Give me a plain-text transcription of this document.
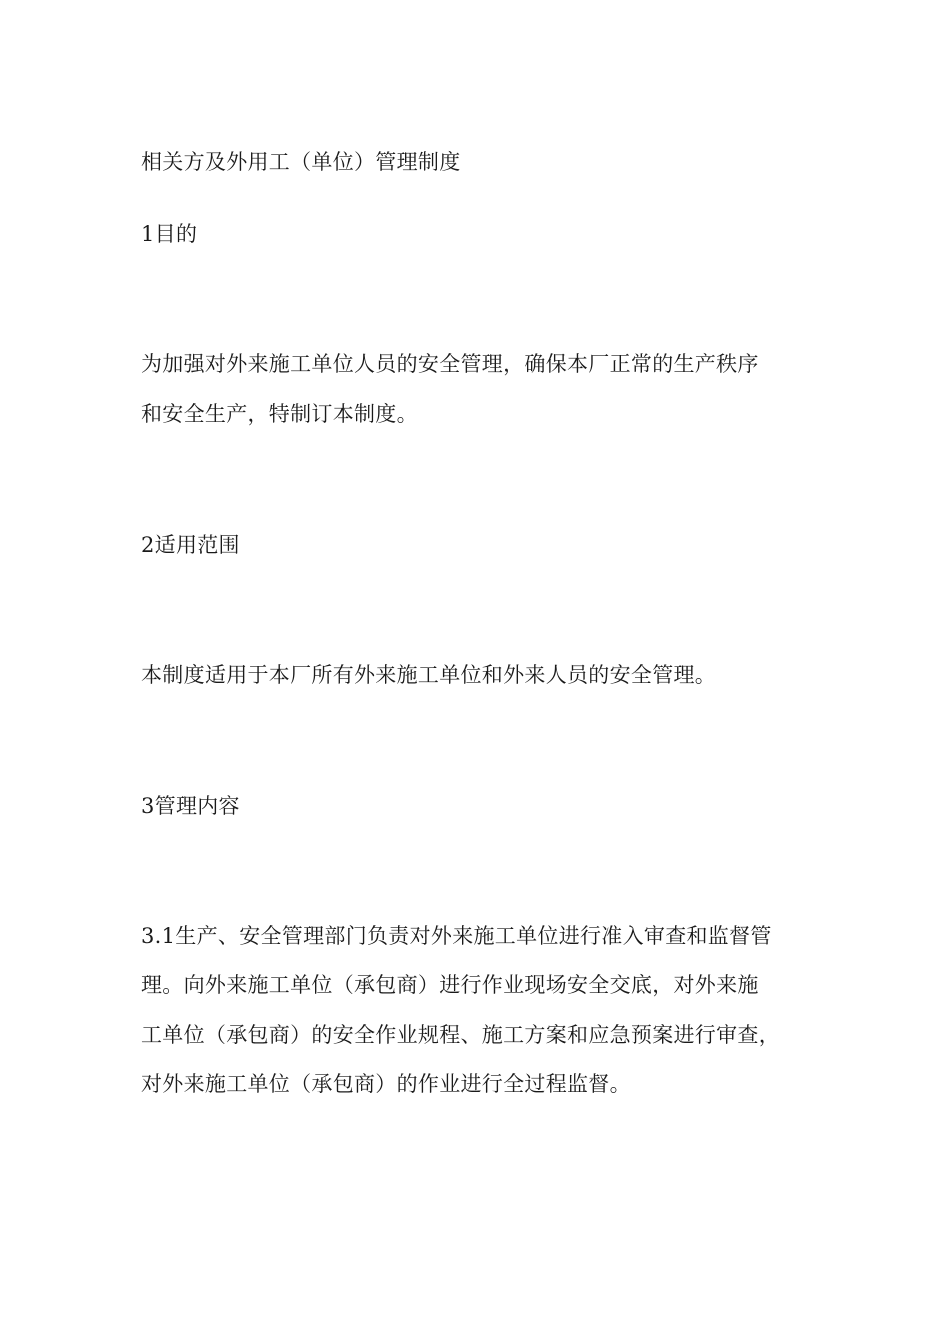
相关方及外用工（单位）管理制度
1目的
为加强对外来施工单位人员的安全管理，确保本厂正常的生产秩序
和安全生产，特制订本制度。
2适用范围
本制度适用于本厂所有外来施工单位和外来人员的安全管理。
3管理内容
3.1生产、安全管理部门负责对外来施工单位进行准入审查和监督管
理。向外来施工单位（承包商）进行作业现场安全交底，对外来施
工单位（承包商）的安全作业规程、施工方案和应急预案进行审查，
对外来施工单位（承包商）的作业进行全过程监督。
